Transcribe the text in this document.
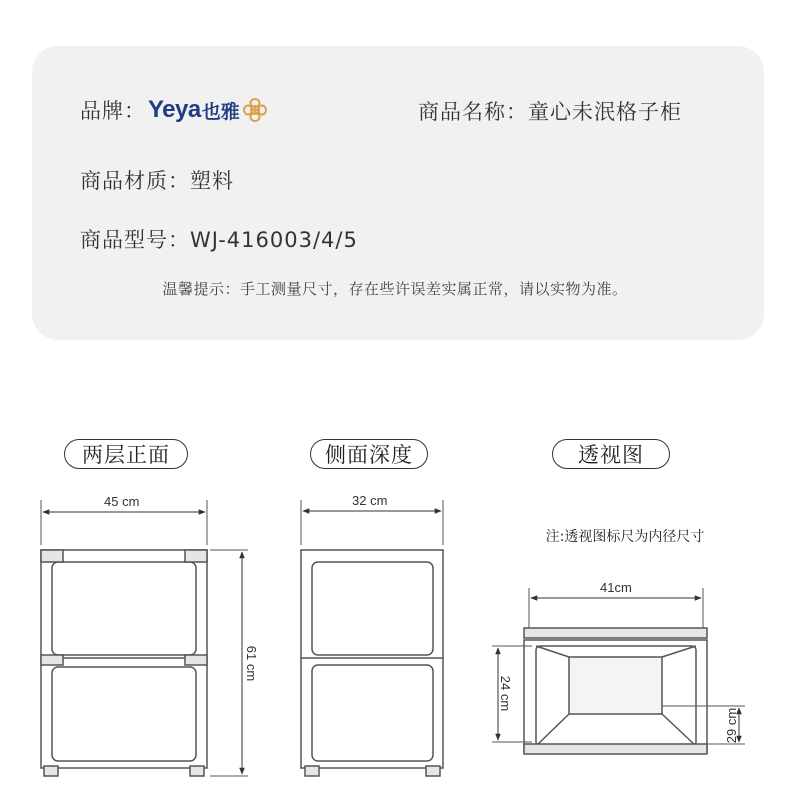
品牌： Yeya 也雅	商品名称：童心未泯格子柜
商品材质：塑料
商品型号：WJ-416003/4/5
温馨提示：手工测量尺寸，存在些许误差实属正常，请以实物为准。
两层正面	侧面深度	透视图
45 cm
61 cm
32 cm
注:透视图标尺为内径尺寸
41cm
24 cm
29 cm
